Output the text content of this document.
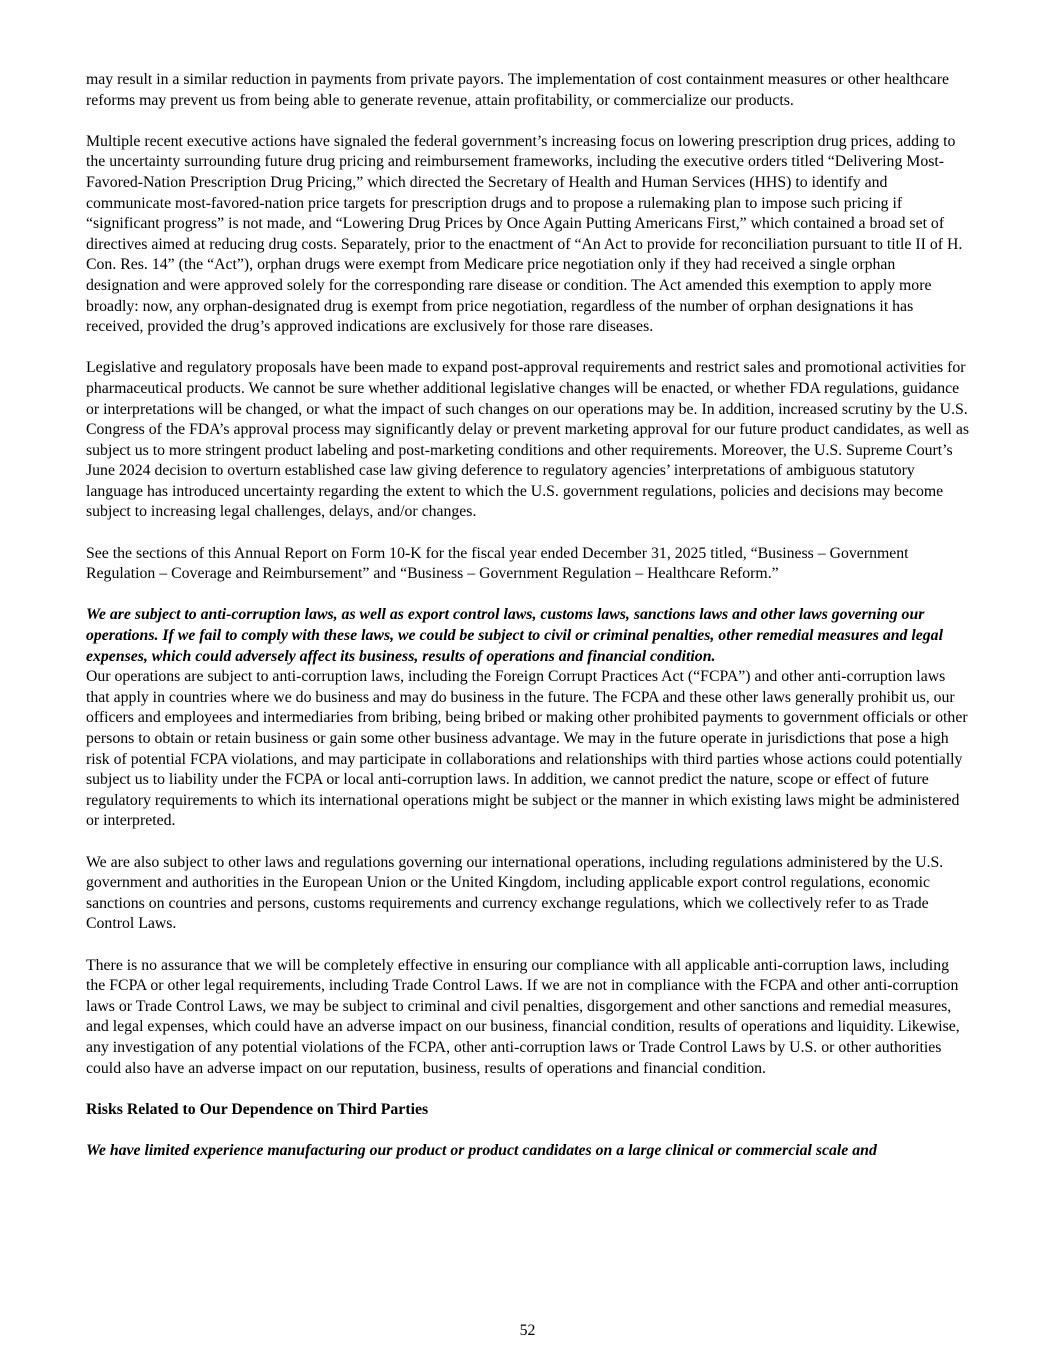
may result in a similar reduction in payments from private payors. The implementation of cost containment measures or other healthcare reforms may prevent us from being able to generate revenue, attain profitability, or commercialize our products.

Multiple recent executive actions have signaled the federal government’s increasing focus on lowering prescription drug prices, adding to the uncertainty surrounding future drug pricing and reimbursement frameworks, including the executive orders titled “Delivering Most-Favored-Nation Prescription Drug Pricing,” which directed the Secretary of Health and Human Services (HHS) to identify and communicate most-favored-nation price targets for prescription drugs and to propose a rulemaking plan to impose such pricing if “significant progress” is not made, and “Lowering Drug Prices by Once Again Putting Americans First,” which contained a broad set of directives aimed at reducing drug costs. Separately, prior to the enactment of “An Act to provide for reconciliation pursuant to title II of H. Con. Res. 14” (the “Act”), orphan drugs were exempt from Medicare price negotiation only if they had received a single orphan designation and were approved solely for the corresponding rare disease or condition. The Act amended this exemption to apply more broadly: now, any orphan-designated drug is exempt from price negotiation, regardless of the number of orphan designations it has received, provided the drug’s approved indications are exclusively for those rare diseases.

Legislative and regulatory proposals have been made to expand post-approval requirements and restrict sales and promotional activities for pharmaceutical products. We cannot be sure whether additional legislative changes will be enacted, or whether FDA regulations, guidance or interpretations will be changed, or what the impact of such changes on our operations may be. In addition, increased scrutiny by the U.S. Congress of the FDA’s approval process may significantly delay or prevent marketing approval for our future product candidates, as well as subject us to more stringent product labeling and post-marketing conditions and other requirements. Moreover, the U.S. Supreme Court’s June 2024 decision to overturn established case law giving deference to regulatory agencies’ interpretations of ambiguous statutory language has introduced uncertainty regarding the extent to which the U.S. government regulations, policies and decisions may become subject to increasing legal challenges, delays, and/or changes.

See the sections of this Annual Report on Form 10-K for the fiscal year ended December 31, 2025 titled, “Business – Government Regulation – Coverage and Reimbursement” and “Business – Government Regulation – Healthcare Reform.”

We are subject to anti-corruption laws, as well as export control laws, customs laws, sanctions laws and other laws governing our operations. If we fail to comply with these laws, we could be subject to civil or criminal penalties, other remedial measures and legal expenses, which could adversely affect its business, results of operations and financial condition.

Our operations are subject to anti-corruption laws, including the Foreign Corrupt Practices Act (“FCPA”) and other anti-corruption laws that apply in countries where we do business and may do business in the future. The FCPA and these other laws generally prohibit us, our officers and employees and intermediaries from bribing, being bribed or making other prohibited payments to government officials or other persons to obtain or retain business or gain some other business advantage. We may in the future operate in jurisdictions that pose a high risk of potential FCPA violations, and may participate in collaborations and relationships with third parties whose actions could potentially subject us to liability under the FCPA or local anti-corruption laws. In addition, we cannot predict the nature, scope or effect of future regulatory requirements to which its international operations might be subject or the manner in which existing laws might be administered or interpreted.

We are also subject to other laws and regulations governing our international operations, including regulations administered by the U.S. government and authorities in the European Union or the United Kingdom, including applicable export control regulations, economic sanctions on countries and persons, customs requirements and currency exchange regulations, which we collectively refer to as Trade Control Laws.

There is no assurance that we will be completely effective in ensuring our compliance with all applicable anti-corruption laws, including the FCPA or other legal requirements, including Trade Control Laws. If we are not in compliance with the FCPA and other anti-corruption laws or Trade Control Laws, we may be subject to criminal and civil penalties, disgorgement and other sanctions and remedial measures, and legal expenses, which could have an adverse impact on our business, financial condition, results of operations and liquidity. Likewise, any investigation of any potential violations of the FCPA, other anti-corruption laws or Trade Control Laws by U.S. or other authorities could also have an adverse impact on our reputation, business, results of operations and financial condition.

Risks Related to Our Dependence on Third Parties

We have limited experience manufacturing our product or product candidates on a large clinical or commercial scale and

52
